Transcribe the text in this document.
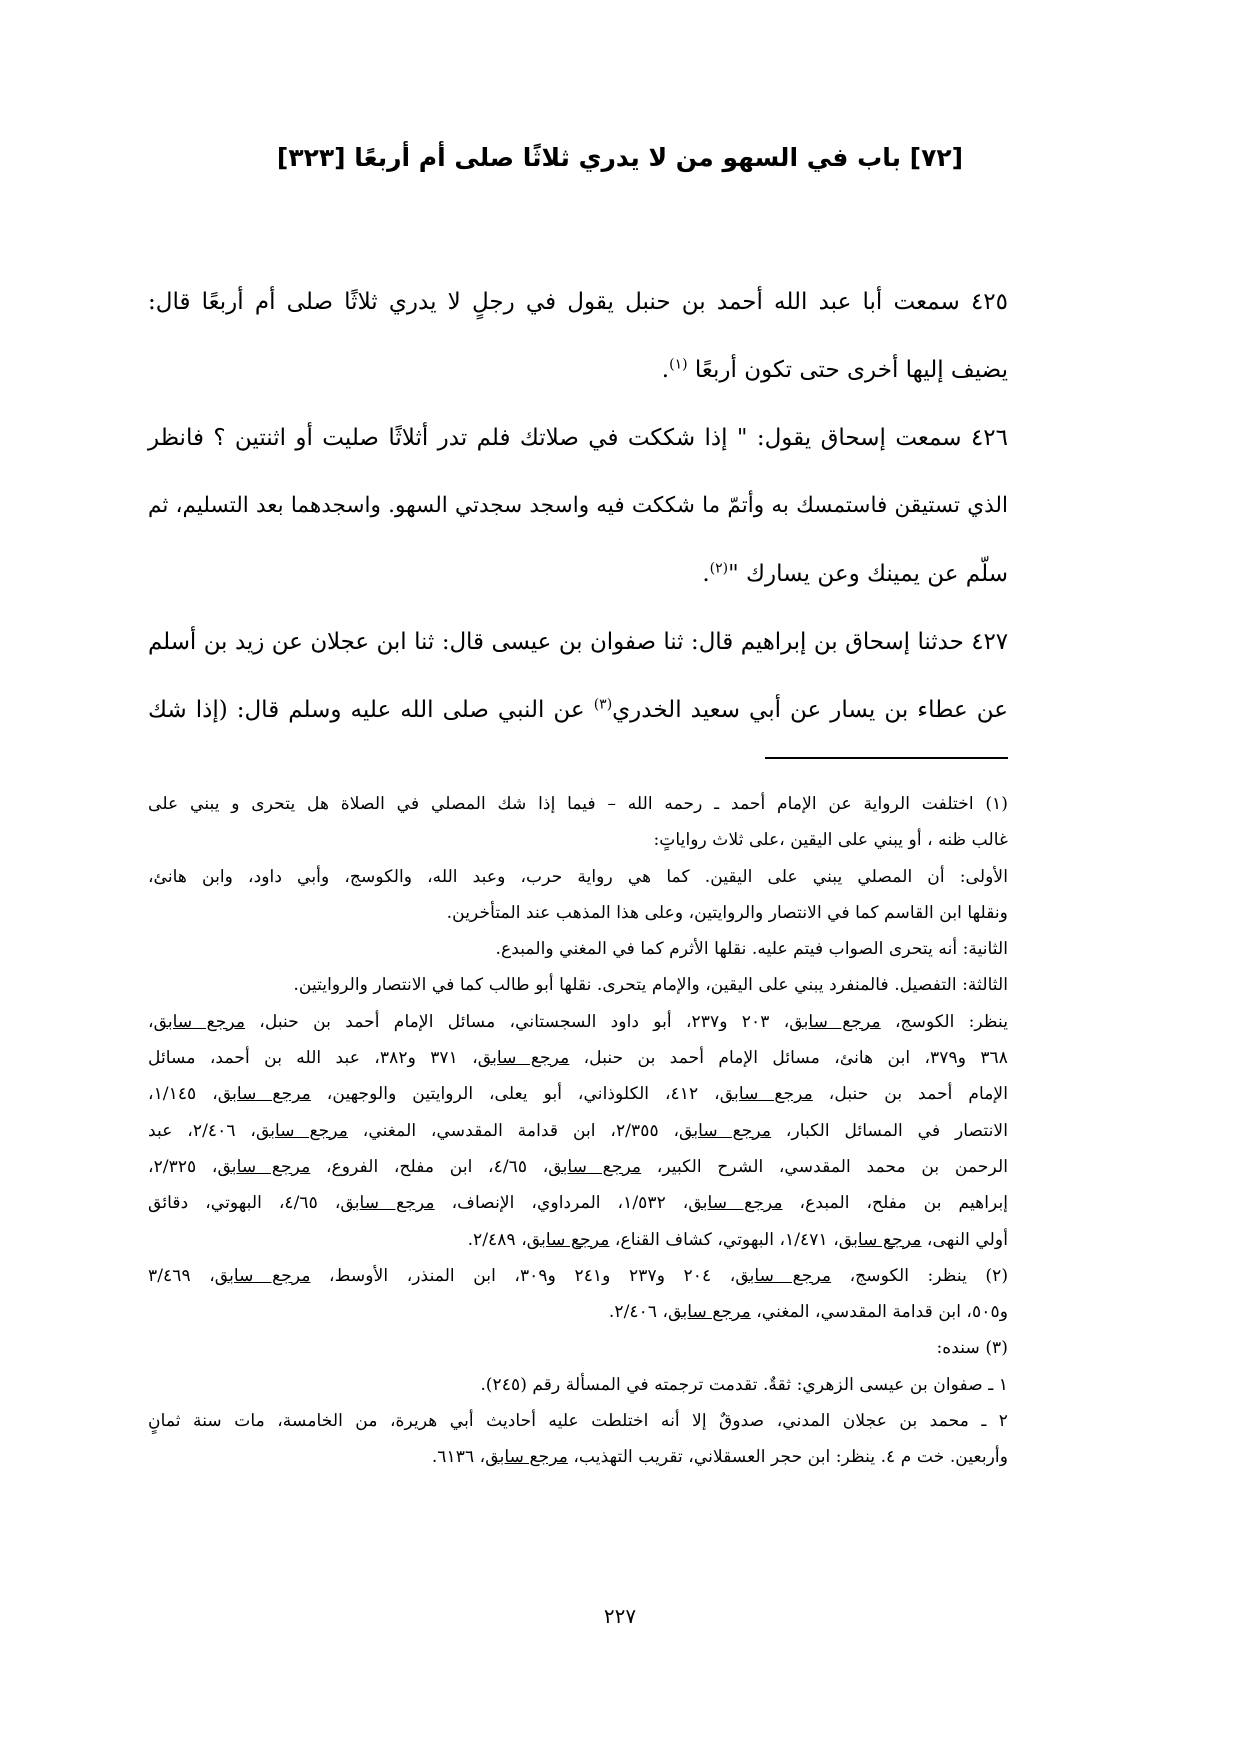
[٧٢] باب في السهو من لا يدري ثلاثًا صلى أم أربعًا [٣٢٣]
٤٢٥ سمعت أبا عبد الله أحمد بن حنبل يقول في رجلٍ لا يدري ثلاثًا صلى أم أربعًا قال:
يضيف إليها أخرى حتى تكون أربعًا $^{(١)}$.
٤٢٦ سمعت إسحاق يقول: " إذا شككت في صلاتك فلم تدر أثلاثًا صليت أو اثنتين ؟ فانظر
الذي تستيقن فاستمسك به وأتمّ ما شككت فيه واسجد سجدتي السهو. واسجدهما بعد التسليم، ثم
سلّم عن يمينك وعن يسارك "$^{(٢)}$.
٤٢٧ حدثنا إسحاق بن إبراهيم قال: ثنا صفوان بن عيسى قال: ثنا ابن عجلان عن زيد بن أسلم
عن عطاء بن يسار عن أبي سعيد الخدري$^{(٣)}$ عن النبي صلى الله عليه وسلم قال: (إذا شك
(١) اختلفت الرواية عن الإمام أحمد ـ رحمه الله – فيما إذا شك المصلي في الصلاة هل يتحرى و يبني على
غالب ظنه ، أو يبني على اليقين ،على ثلاث رواياتٍ:
الأولى: أن المصلي يبني على اليقين. كما هي رواية حرب، وعبد الله، والكوسج، وأبي داود، وابن هانئ،
ونقلها ابن القاسم كما في الانتصار والروايتين، وعلى هذا المذهب عند المتأخرين.
الثانية: أنه يتحرى الصواب فيتم عليه. نقلها الأثرم كما في المغني والمبدع.
الثالثة: التفصيل. فالمنفرد يبني على اليقين، والإمام يتحرى. نقلها أبو طالب كما في الانتصار والروايتين.
ينظر: الكوسج، مرجع سابق، ٢٠٣ و٢٣٧، أبو داود السجستاني، مسائل الإمام أحمد بن حنبل، مرجع سابق،
٣٦٨ و٣٧٩، ابن هانئ، مسائل الإمام أحمد بن حنبل، مرجع سابق، ٣٧١ و٣٨٢، عبد الله بن أحمد، مسائل
الإمام أحمد بن حنبل، مرجع سابق، ٤١٢، الكلوذاني، أبو يعلى، الروايتين والوجهين، مرجع سابق، ١/١٤٥،
الانتصار في المسائل الكبار، مرجع سابق، ٢/٣٥٥، ابن قدامة المقدسي، المغني، مرجع سابق، ٢/٤٠٦، عبد
الرحمن بن محمد المقدسي، الشرح الكبير، مرجع سابق، ٤/٦٥، ابن مفلح، الفروع، مرجع سابق، ٢/٣٢٥،
إبراهيم بن مفلح، المبدع، مرجع سابق، ١/٥٣٢، المرداوي، الإنصاف، مرجع سابق، ٤/٦٥، البهوتي، دقائق
أولي النهى، مرجع سابق، ١/٤٧١، البهوتي، كشاف القناع، مرجع سابق، ٢/٤٨٩.
(٢) ينظر: الكوسج، مرجع سابق، ٢٠٤ و٢٣٧ و٢٤١ و٣٠٩، ابن المنذر، الأوسط، مرجع سابق، ٣/٤٦٩
و٥٠٥، ابن قدامة المقدسي، المغني، مرجع سابق، ٢/٤٠٦.
(٣) سنده:
١ ـ صفوان بن عيسى الزهري: ثقةٌ. تقدمت ترجمته في المسألة رقم (٢٤٥).
٢ ـ محمد بن عجلان المدني، صدوقٌ إلا أنه اختلطت عليه أحاديث أبي هريرة، من الخامسة، مات سنة ثمانٍ
وأربعين. خت م ٤. ينظر: ابن حجر العسقلاني، تقريب التهذيب، مرجع سابق، ٦١٣٦.
٢٢٧
